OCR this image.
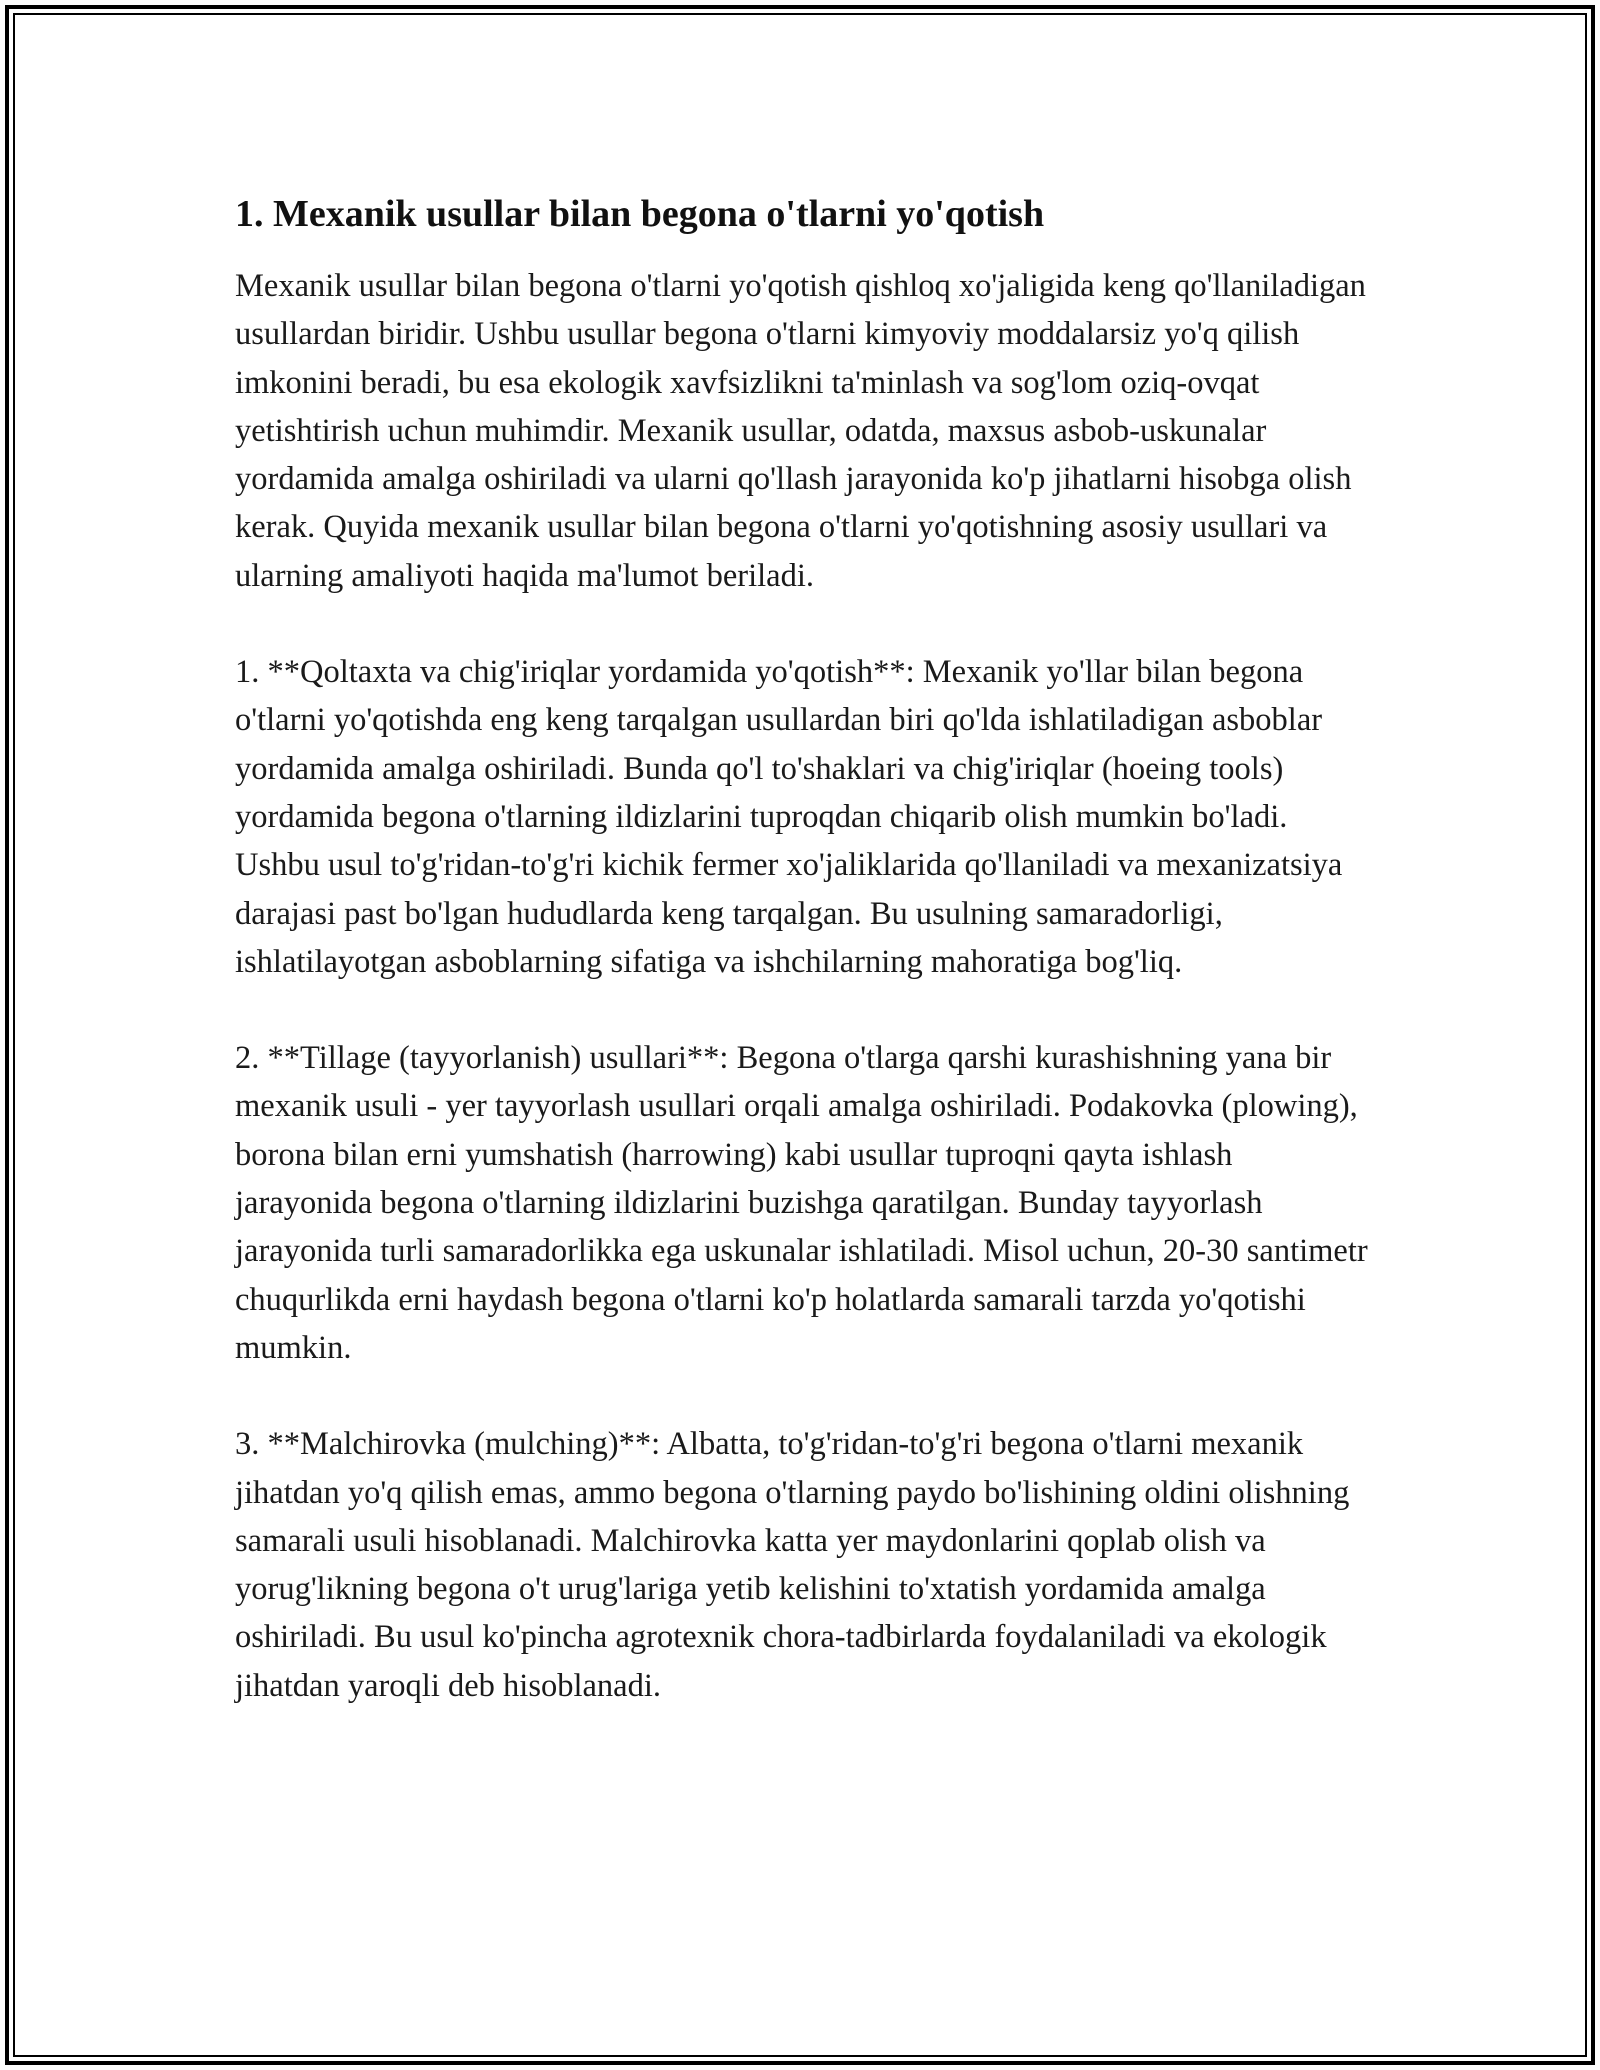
1. Mexanik usullar bilan begona o'tlarni yo'qotish

Mexanik usullar bilan begona o'tlarni yo'qotish qishloq xo'jaligida keng qo'llaniladigan usullardan biridir. Ushbu usullar begona o'tlarni kimyoviy moddalarsiz yo'q qilish imkonini beradi, bu esa ekologik xavfsizlikni ta'minlash va sog'lom oziq-ovqat yetishtirish uchun muhimdir. Mexanik usullar, odatda, maxsus asbob-uskunalar yordamida amalga oshiriladi va ularni qo'llash jarayonida ko'p jihatlarni hisobga olish kerak. Quyida mexanik usullar bilan begona o'tlarni yo'qotishning asosiy usullari va ularning amaliyoti haqida ma'lumot beriladi.

1. **Qoltaxta va chig'iriqlar yordamida yo'qotish**: Mexanik yo'llar bilan begona o'tlarni yo'qotishda eng keng tarqalgan usullardan biri qo'lda ishlatiladigan asboblar yordamida amalga oshiriladi. Bunda qo'l to'shaklari va chig'iriqlar (hoeing tools) yordamida begona o'tlarning ildizlarini tuproqdan chiqarib olish mumkin bo'ladi. Ushbu usul to'g'ridan-to'g'ri kichik fermer xo'jaliklarida qo'llaniladi va mexanizatsiya darajasi past bo'lgan hududlarda keng tarqalgan. Bu usulning samaradorligi, ishlatilayotgan asboblarning sifatiga va ishchilarning mahoratiga bog'liq.

2. **Tillage (tayyorlanish) usullari**: Begona o'tlarga qarshi kurashishning yana bir mexanik usuli - yer tayyorlash usullari orqali amalga oshiriladi. Podakovka (plowing), borona bilan erni yumshatish (harrowing) kabi usullar tuproqni qayta ishlash jarayonida begona o'tlarning ildizlarini buzishga qaratilgan. Bunday tayyorlash jarayonida turli samaradorlikka ega uskunalar ishlatiladi. Misol uchun, 20-30 santimetr chuqurlikda erni haydash begona o'tlarni ko'p holatlarda samarali tarzda yo'qotishi mumkin.

3. **Malchirovka (mulching)**: Albatta, to'g'ridan-to'g'ri begona o'tlarni mexanik jihatdan yo'q qilish emas, ammo begona o'tlarning paydo bo'lishining oldini olishning samarali usuli hisoblanadi. Malchirovka katta yer maydonlarini qoplab olish va yorug'likning begona o't urug'lariga yetib kelishini to'xtatish yordamida amalga oshiriladi. Bu usul ko'pincha agrotexnik chora-tadbirlarda foydalaniladi va ekologik jihatdan yaroqli deb hisoblanadi.
